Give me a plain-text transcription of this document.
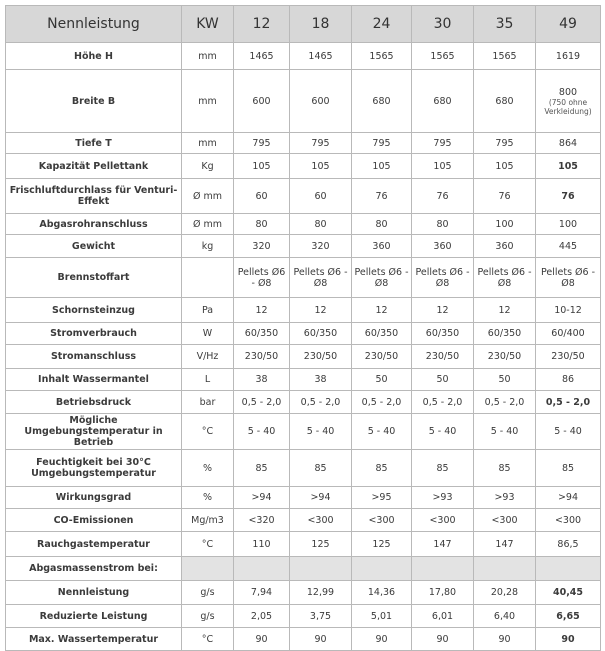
Nennleistung	KW	12	18	24	30	35	49
Höhe H	mm	1465	1465	1565	1565	1565	1619
Breite B	mm	600	600	680	680	680	800
(750 ohne Verkleidung)

Tiefe T	mm	795	795	795	795	795	864
Kapazität Pellettank	Kg	105	105	105	105	105	105
Frischluftdurchlass für Venturi-Effekt	Ø mm	60	60	76	76	76	76
Abgasrohranschluss	Ø mm	80	80	80	80	100	100
Gewicht	kg	320	320	360	360	360	445
Brennstoffart		Pellets Ø6 - Ø8	Pellets Ø6 - Ø8	Pellets Ø6 - Ø8	Pellets Ø6 - Ø8	Pellets Ø6 - Ø8	Pellets Ø6 - Ø8
Schornsteinzug	Pa	12	12	12	12	12	10-12
Stromverbrauch	W	60/350	60/350	60/350	60/350	60/350	60/400
Stromanschluss	V/Hz	230/50	230/50	230/50	230/50	230/50	230/50
Inhalt Wassermantel	L	38	38	50	50	50	86
Betriebsdruck	bar	0,5 - 2,0	0,5 - 2,0	0,5 - 2,0	0,5 - 2,0	0,5 - 2,0	0,5 - 2,0
Mögliche Umgebungstemperatur in Betrieb	°C	5 - 40	5 - 40	5 - 40	5 - 40	5 - 40	5 - 40
Feuchtigkeit bei 30°C Umgebungstemperatur	%	85	85	85	85	85	85
Wirkungsgrad	%	>94	>94	>95	>93	>93	>94
CO-Emissionen	Mg/m3	<320	<300	<300	<300	<300	<300
Rauchgastemperatur	°C	110	125	125	147	147	86,5
Abgasmassenstrom bei:							
Nennleistung	g/s	7,94	12,99	14,36	17,80	20,28	40,45
Reduzierte Leistung	g/s	2,05	3,75	5,01	6,01	6,40	6,65
Max. Wassertemperatur	°C	90	90	90	90	90	90
